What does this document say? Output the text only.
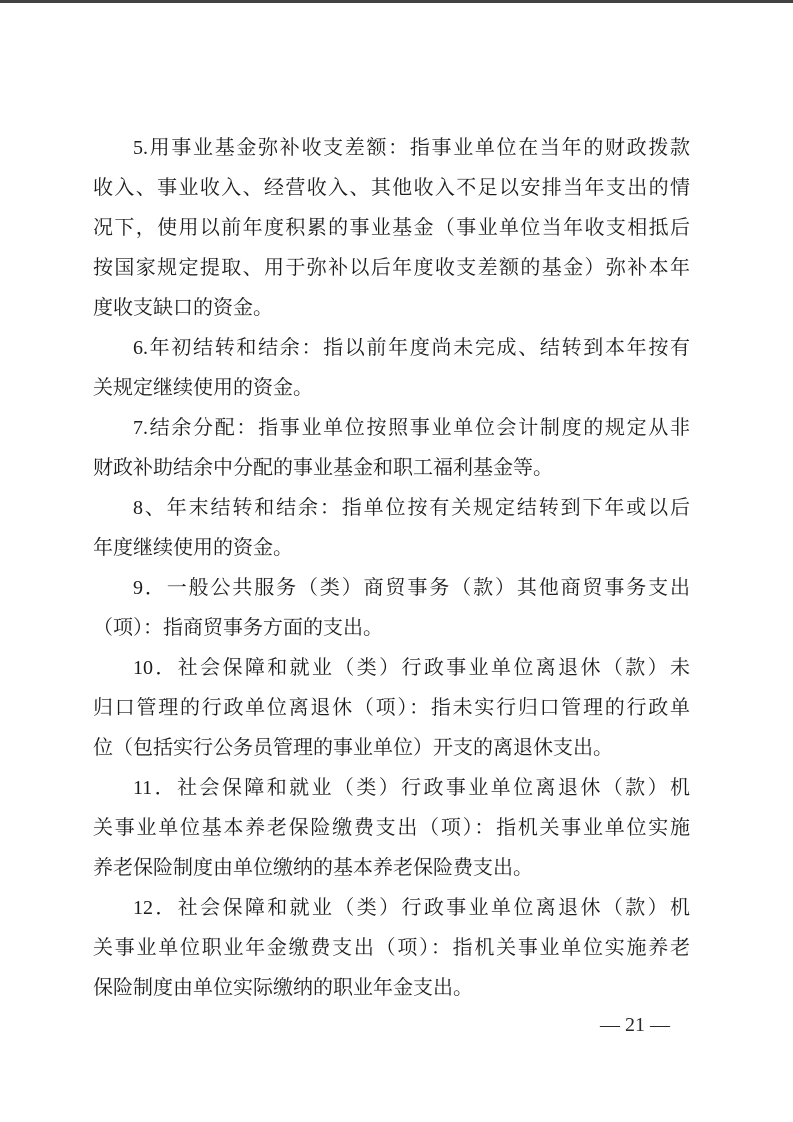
5.用事业基金弥补收支差额：指事业单位在当年的财政拨款
收入、事业收入、经营收入、其他收入不足以安排当年支出的情
况下，使用以前年度积累的事业基金（事业单位当年收支相抵后
按国家规定提取、用于弥补以后年度收支差额的基金）弥补本年
度收支缺口的资金。

6.年初结转和结余：指以前年度尚未完成、结转到本年按有
关规定继续使用的资金。

7.结余分配：指事业单位按照事业单位会计制度的规定从非
财政补助结余中分配的事业基金和职工福利基金等。

8、年末结转和结余：指单位按有关规定结转到下年或以后
年度继续使用的资金。

9．一般公共服务（类）商贸事务（款）其他商贸事务支出
（项）：指商贸事务方面的支出。

10．社会保障和就业（类）行政事业单位离退休（款）未
归口管理的行政单位离退休（项）：指未实行归口管理的行政单
位（包括实行公务员管理的事业单位）开支的离退休支出。

11．社会保障和就业（类）行政事业单位离退休（款）机
关事业单位基本养老保险缴费支出（项）：指机关事业单位实施
养老保险制度由单位缴纳的基本养老保险费支出。

12．社会保障和就业（类）行政事业单位离退休（款）机
关事业单位职业年金缴费支出（项）：指机关事业单位实施养老
保险制度由单位实际缴纳的职业年金支出。

— 21 —
